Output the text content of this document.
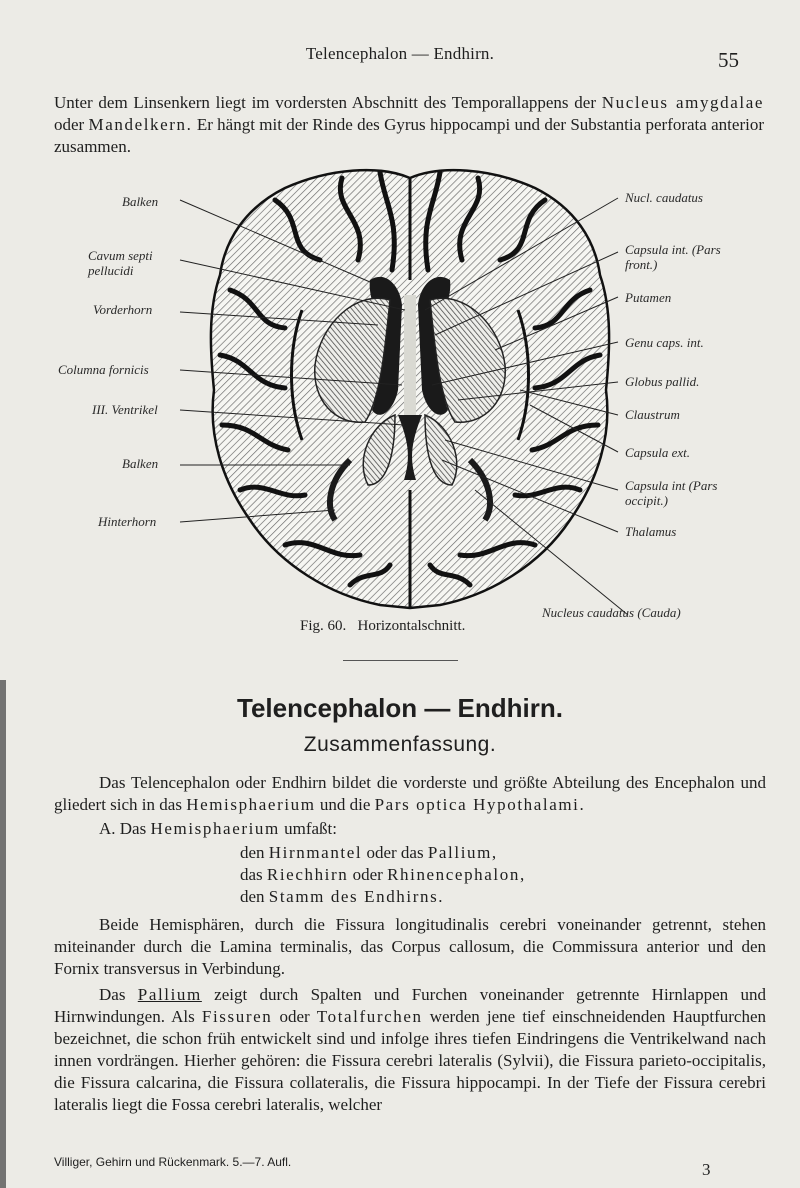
Telencephalon — Endhirn.	55
Unter dem Linsenkern liegt im vordersten Abschnitt des Temporallappens der Nucleus amygdalae oder Mandelkern. Er hängt mit der Rinde des Gyrus hippocampi und der Substantia perforata anterior zusammen.
Balken
Cavum septi pellucidi
Vorderhorn
Columna fornicis
III. Ventrikel
Balken
Hinterhorn
Nucl. caudatus
Capsula int. (Pars front.)
Putamen
Genu caps. int.
Globus pallid.
Claustrum
Capsula ext.
Capsula int (Pars occipit.)
Thalamus
Nucleus caudatus (Cauda)
Fig. 60.   Horizontalschnitt.
Telencephalon — Endhirn.
Zusammenfassung.
Das Telencephalon oder Endhirn bildet die vorderste und größte Abteilung des Encephalon und gliedert sich in das Hemisphaerium und die Pars optica Hypothalami.
A. Das Hemisphaerium umfaßt:
den Hirnmantel oder das Pallium,
das Riechhirn oder Rhinencephalon,
den Stamm des Endhirns.
Beide Hemisphären, durch die Fissura longitudinalis cerebri voneinander getrennt, stehen miteinander durch die Lamina terminalis, das Corpus callosum, die Commissura anterior und den Fornix transversus in Verbindung.
Das Pallium zeigt durch Spalten und Furchen voneinander getrennte Hirnlappen und Hirnwindungen. Als Fissuren oder Totalfurchen werden jene tief einschneidenden Hauptfurchen bezeichnet, die schon früh entwickelt sind und infolge ihres tiefen Eindringens die Ventrikelwand nach innen vordrängen. Hierher gehören: die Fissura cerebri lateralis (Sylvii), die Fissura parieto-occipitalis, die Fissura calcarina, die Fissura collateralis, die Fissura hippocampi. In der Tiefe der Fissura cerebri lateralis liegt die Fossa cerebri lateralis, welcher
Villiger, Gehirn und Rückenmark. 5.—7. Aufl.	3
